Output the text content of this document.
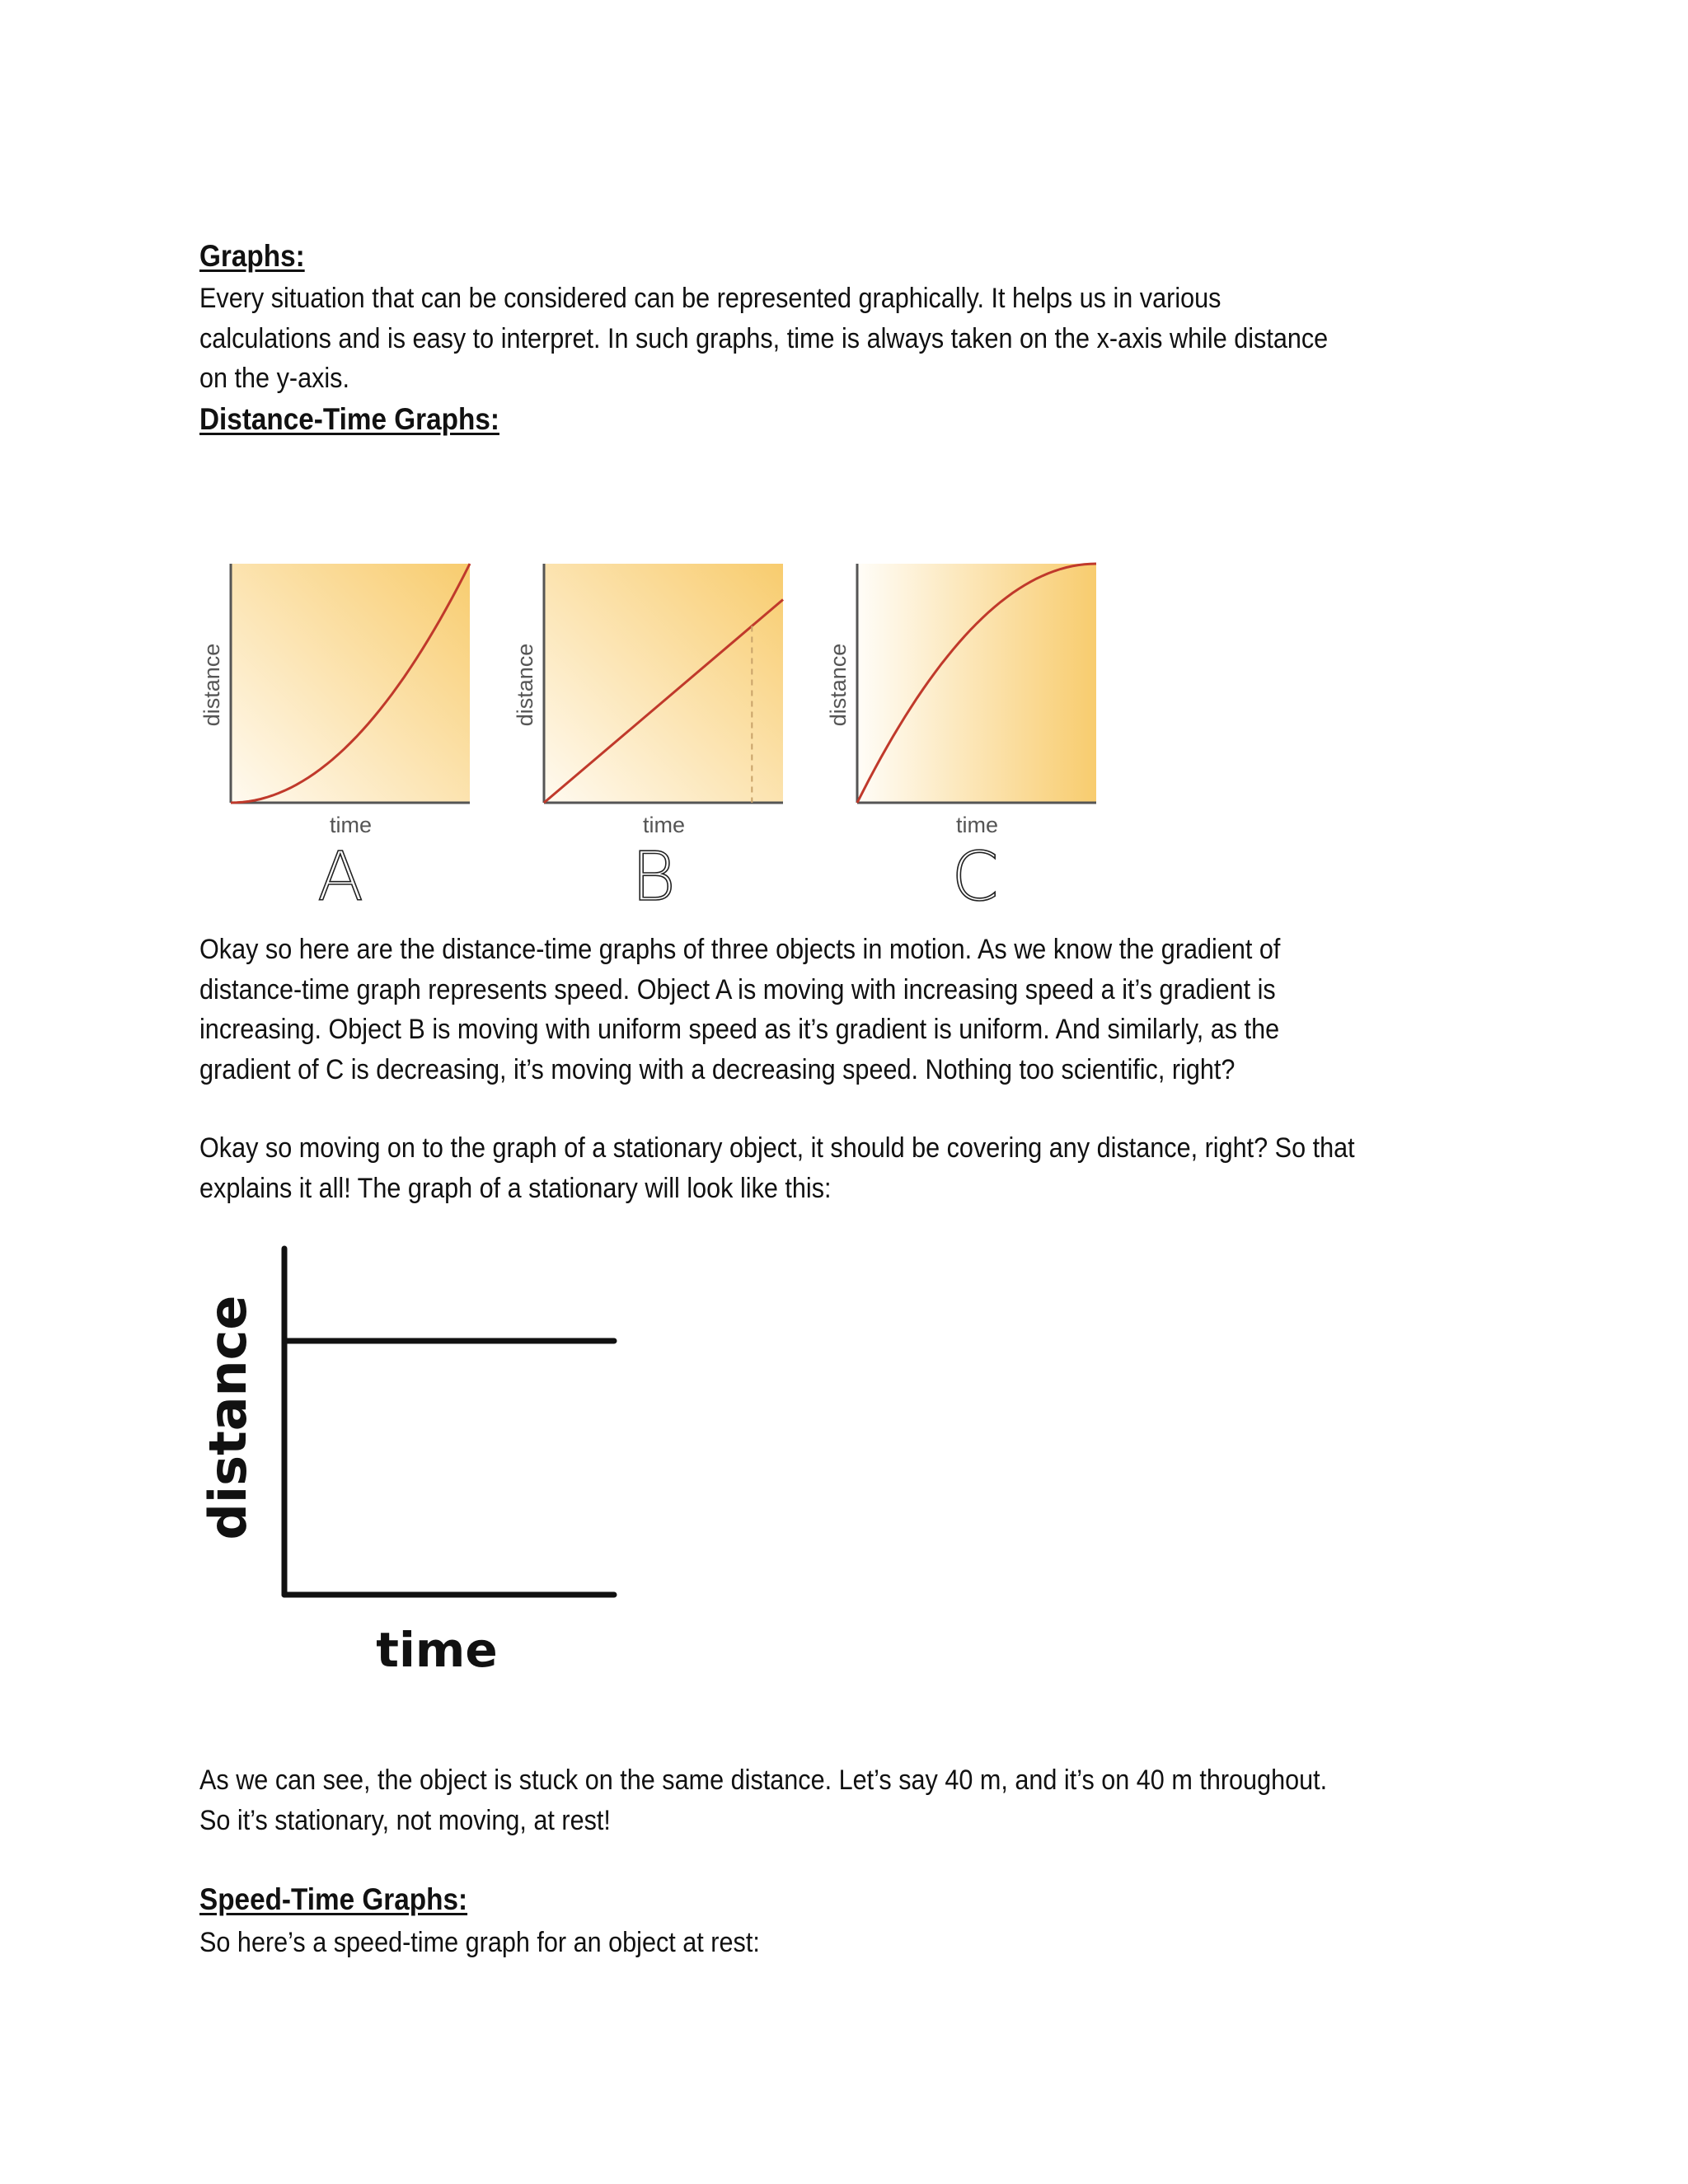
Graphs:
Every situation that can be considered can be represented graphically. It helps us in various calculations and is easy to interpret. In such graphs, time is always taken on the x-axis while distance on the y-axis.
Distance-Time Graphs:
time
distance
A
time
distance
B
time
distance
C
Okay so here are the distance-time graphs of three objects in motion. As we know the gradient of distance-time graph represents speed. Object A is moving with increasing speed a it’s gradient is increasing. Object B is moving with uniform speed as it’s gradient is uniform. And similarly, as the gradient of C is decreasing, it’s moving with a decreasing speed. Nothing too scientific, right?
Okay so moving on to the graph of a stationary object, it should be covering any distance, right? So that explains it all! The graph of a stationary will look like this:
distance
time
As we can see, the object is stuck on the same distance. Let’s say 40 m, and it’s on 40 m throughout. So it’s stationary, not moving, at rest!
Speed-Time Graphs:
So here’s a speed-time graph for an object at rest:
